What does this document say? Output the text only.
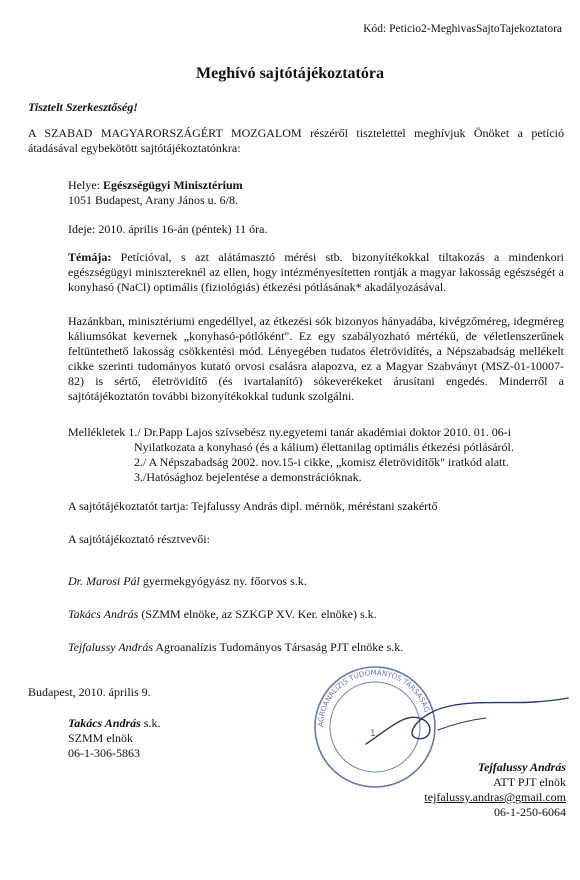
Kód: Peticio2-MeghivasSajtoTajekoztatora
Meghívó sajtótájékoztatóra
Tisztelt Szerkesztőség!
A SZABAD MAGYARORSZÁGÉRT MOZGALOM részéről tisztelettel meghívjuk Önöket a petíció átadásával egybekötött sajtótájékoztatónkra:
Helye: Egészségügyi Minisztérium
1051 Budapest, Arany János u. 6/8.
Ideje: 2010. április 16-án (péntek) 11 óra.
Témája: Petícióval, s azt alátámasztó mérési stb. bizonyítékokkal tiltakozás a mindenkori egészségügyi minisztereknél az ellen, hogy intézményesítetten rontják a magyar lakosság egészségét a konyhasó (NaCl) optimális (fiziológiás) étkezési pótlásának* akadályozásával.
Hazánkban, minisztériumi engedéllyel, az étkezési sók bizonyos hányadába, kivégzőméreg, idegméreg káliumsókat kevernek „konyhasó-pótlóként". Ez egy szabályozható mértékű, de véletlenszerűnek feltüntethető lakosság csökkentési mód. Lényegében tudatos életrövidítés, a Népszabadság mellékelt cikke szerinti tudományos kutató orvosi csalásra alapozva, ez a Magyar Szabványt (MSZ-01-10007-82) is sértő, életrövidítő (és ivartalanító) sókeverékeket árusítani engedés. Minderről a sajtótájékoztatón további bizonyítékokkal tudunk szolgálni.
Mellékletek 1./ Dr.Papp Lajos szívsebész ny.egyetemi tanár akadémiai doktor 2010. 01. 06-i
Nyilatkozata a konyhasó (és a kálium) élettanilag optimális étkezési pótlásáról.
2./ A Népszabadság 2002. nov.15-i cikke, „komisz életrövidítők" iratkód alatt.
3./Hatósághoz bejelentése a demonstrációknak.
A sajtótájékoztatót tartja: Tejfalussy András dipl. mérnök, méréstani szakértő
A sajtótájékoztató résztvevői:
Dr. Marosi Pál gyermekgyógyász ny. főorvos s.k.
Takács András (SZMM elnöke, az SZKGP XV. Ker. elnöke) s.k.
Tejfalussy András Agroanalízis Tudományos Társaság PJT elnöke s.k.
Budapest, 2010. április 9.
Takács András s.k.
SZMM elnök
06-1-306-5863
AGROANALÍZIS TUDOMÁNYOS TÁRSASÁG
1.
Tejfalussy András
ATT PJT elnök
tejfalussy.andras@gmail.com
06-1-250-6064
